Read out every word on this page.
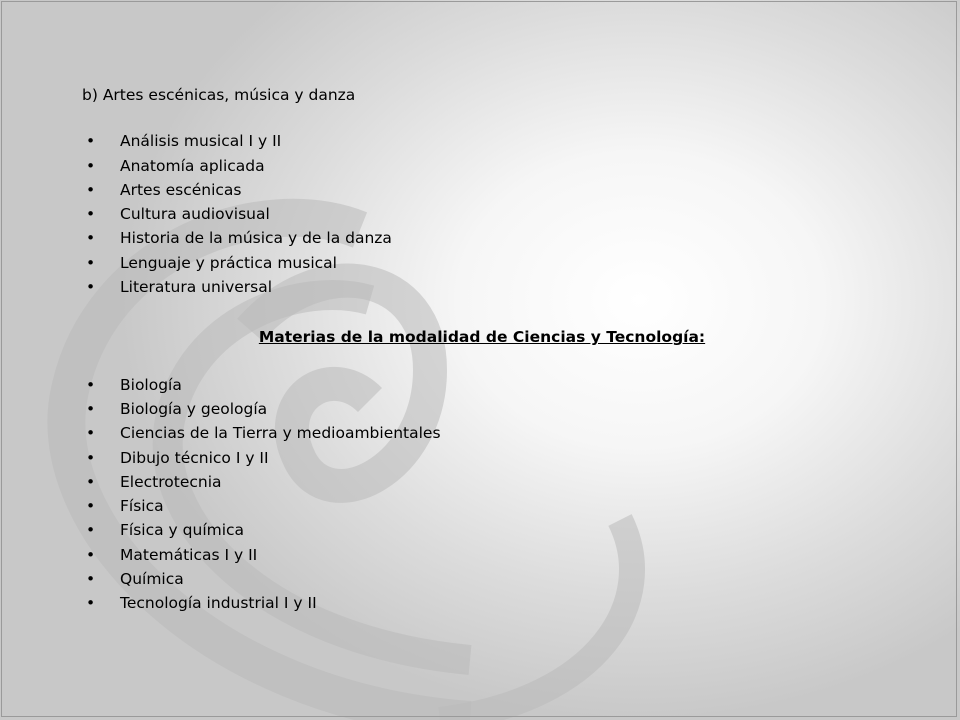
b) Artes escénicas, música y danza
• Análisis musical I y II
• Anatomía aplicada
• Artes escénicas
• Cultura audiovisual
• Historia de la música y de la danza
• Lenguaje y práctica musical
• Literatura universal
Materias de la modalidad de Ciencias y Tecnología:
• Biología
• Biología y geología
• Ciencias de la Tierra y medioambientales
• Dibujo técnico I y II
• Electrotecnia
• Física
• Física y química
• Matemáticas I y II
• Química
• Tecnología industrial I y II
